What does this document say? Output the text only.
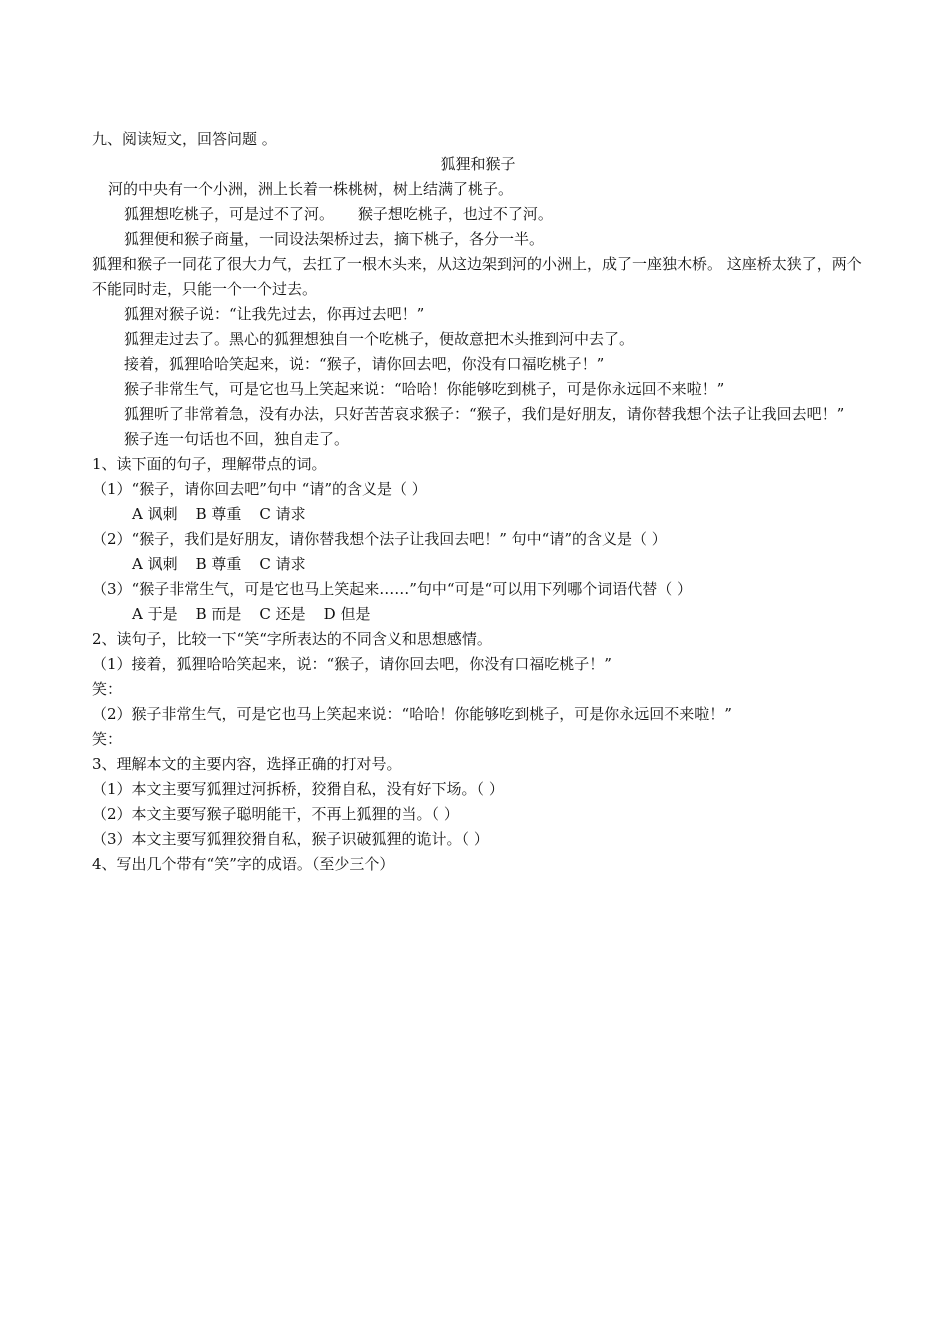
九、阅读短文，回答问题 。

狐狸和猴子

河的中央有一个小洲，洲上长着一株桃树，树上结满了桃子。

狐狸想吃桃子，可是过不了河。     猴子想吃桃子，也过不了河。

狐狸便和猴子商量，一同设法架桥过去，摘下桃子，各分一半。

狐狸和猴子一同花了很大力气，去扛了一根木头来，从这边架到河的小洲上，成了一座独木桥。 这座桥太狭了，两个不能同时走，只能一个一个过去。

狐狸对猴子说：“让我先过去，你再过去吧！”

狐狸走过去了。黑心的狐狸想独自一个吃桃子，便故意把木头推到河中去了。

接着，狐狸哈哈笑起来，说：“猴子，请你回去吧，你没有口福吃桃子！”

猴子非常生气，可是它也马上笑起来说：“哈哈！你能够吃到桃子，可是你永远回不来啦！”

狐狸听了非常着急，没有办法，只好苦苦哀求猴子：“猴子，我们是好朋友，请你替我想个法子让我回去吧！”

猴子连一句话也不回，独自走了。

1、读下面的句子，理解带点的词。

（1）“猴子，请你回去吧”句中 “请”的含义是（ ）

A 讽刺 B 尊重 C 请求

（2）“猴子，我们是好朋友，请你替我想个法子让我回去吧！” 句中“请”的含义是（ ）

A 讽刺 B 尊重 C 请求

（3）“猴子非常生气，可是它也马上笑起来……”句中“可是“可以用下列哪个词语代替（ ）

A 于是 B 而是 C 还是 D 但是

2、读句子，比较一下“笑“字所表达的不同含义和思想感情。

（1）接着，狐狸哈哈笑起来，说：“猴子，请你回去吧，你没有口福吃桃子！”

笑：

（2）猴子非常生气，可是它也马上笑起来说：“哈哈！你能够吃到桃子，可是你永远回不来啦！”

笑：

3、理解本文的主要内容，选择正确的打对号。

（1）本文主要写狐狸过河拆桥，狡猾自私，没有好下场。（ ）

（2）本文主要写猴子聪明能干，不再上狐狸的当。（ ）

（3）本文主要写狐狸狡猾自私，猴子识破狐狸的诡计。（ ）

4、写出几个带有“笑”字的成语。（至少三个）
